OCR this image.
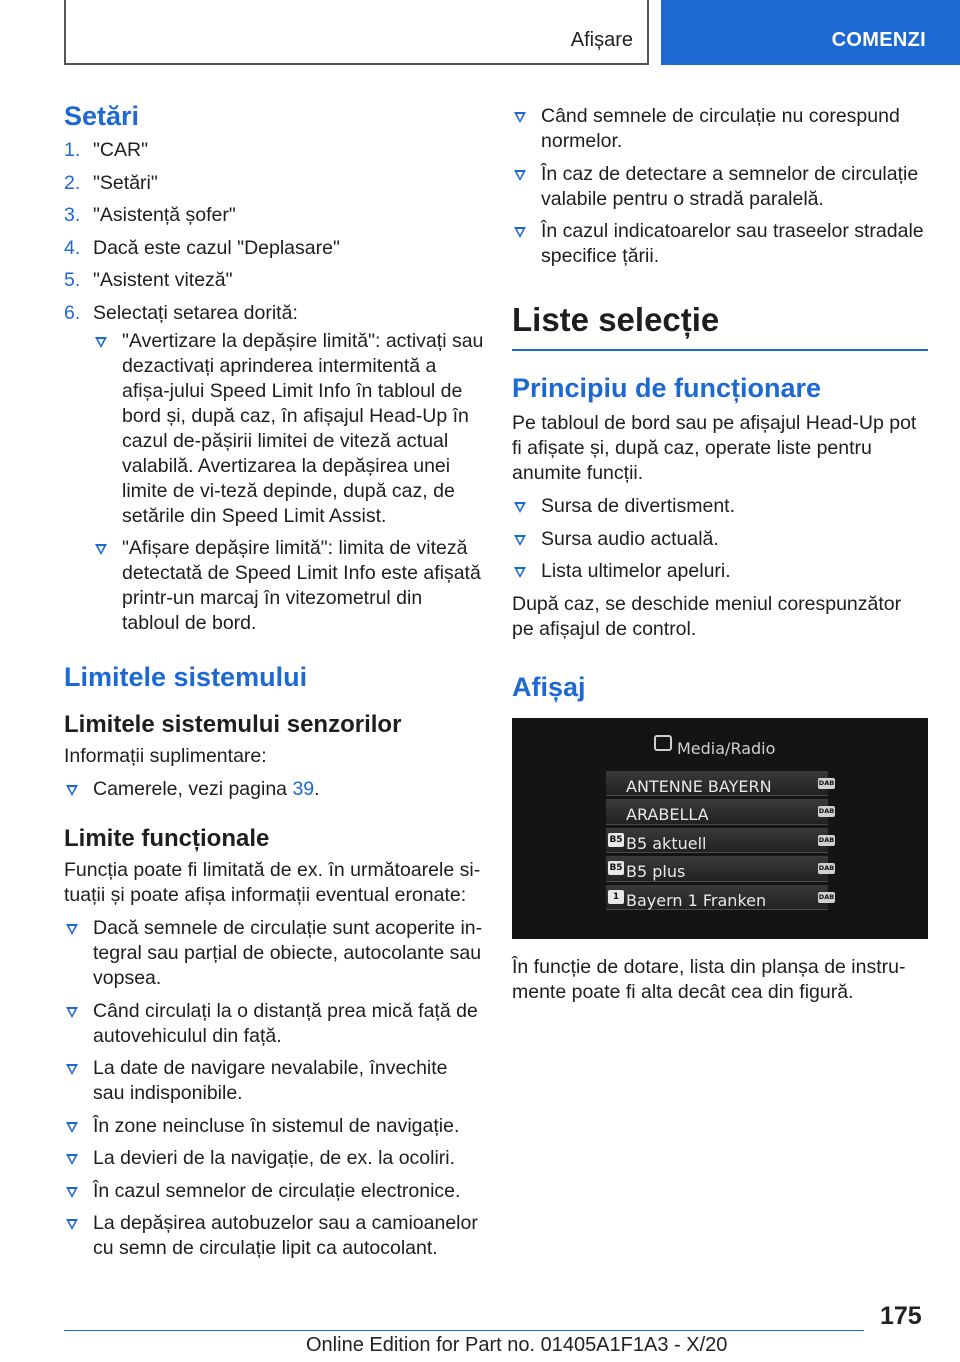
Afișare	COMENZI
Setări
1. "CAR"
2. "Setări"
3. "Asistență șofer"
4. Dacă este cazul "Deplasare"
5. "Asistent viteză"
6. Selectați setarea dorită:
"Avertizare la depășire limită": activați sau dezactivați aprinderea intermitentă a afișa-jului Speed Limit Info în tabloul de bord și, după caz, în afișajul Head-Up în cazul de-pășirii limitei de viteză actual valabilă. Avertizarea la depășirea unei limite de vi-teză depinde, după caz, de setările din Speed Limit Assist.
"Afișare depășire limită": limita de viteză detectată de Speed Limit Info este afișată printr-un marcaj în vitezometrul din tabloul de bord.
Limitele sistemului
Limitele sistemului senzorilor

Informații suplimentare:

Camerele, vezi pagina 39.
Limite funcționale

Funcția poate fi limitată de ex. în următoarele si-tuații și poate afișa informații eventual eronate:

Dacă semnele de circulație sunt acoperite in-tegral sau parțial de obiecte, autocolante sau vopsea.
Când circulați la o distanță prea mică față de autovehiculul din față.
La date de navigare nevalabile, învechite sau indisponibile.
În zone neincluse în sistemul de navigație.
La devieri de la navigație, de ex. la ocoliri.
În cazul semnelor de circulație electronice.
La depășirea autobuzelor sau a camioanelor cu semn de circulație lipit ca autocolant.
Când semnele de circulație nu corespund normelor.
În caz de detectare a semnelor de circulație valabile pentru o stradă paralelă.
În cazul indicatoarelor sau traseelor stradale specifice țării.
Liste selecție
Principiu de funcționare

Pe tabloul de bord sau pe afișajul Head-Up pot fi afișate și, după caz, operate liste pentru anumite funcții.

Sursa de divertisment.
Sursa audio actuală.
Lista ultimelor apeluri.

După caz, se deschide meniul corespunzător pe afișajul de control.

Afișaj
Media/Radio
ANTENNE BAYERN	DAB
ARABELLA	DAB
B5 B5 aktuell	DAB
B5 B5 plus	DAB
1 Bayern 1 Franken	DAB

În funcție de dotare, lista din planșa de instru-mente poate fi alta decât cea din figură.

175
Online Edition for Part no. 01405A1F1A3 - X/20
